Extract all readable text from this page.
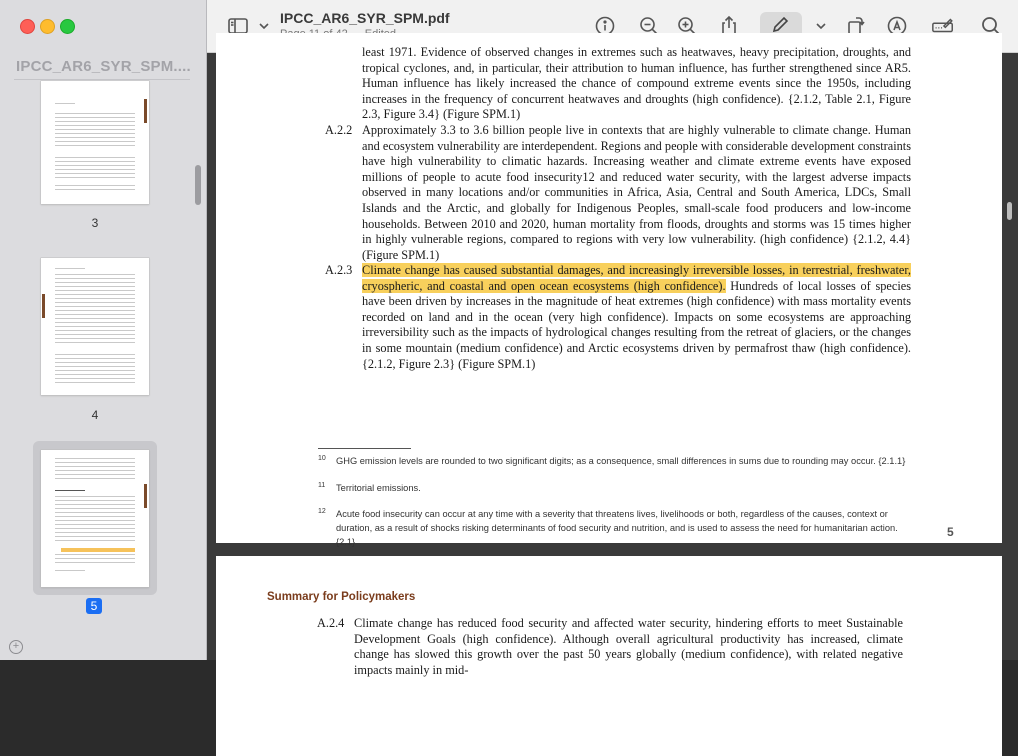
IPCC_AR6_SYR_SPM....
3
4
5
+
IPCC_AR6_SYR_SPM.pdf
least 1971. Evidence of observed changes in extremes such as heatwaves, heavy precipitation, droughts, and tropical cyclones, and, in particular, their attribution to human influence, has further strengthened since AR5. Human influence has likely increased the chance of compound extreme events since the 1950s, including increases in the frequency of concurrent heatwaves and droughts (high confidence). {2.1.2, Table 2.1, Figure 2.3, Figure 3.4} (Figure SPM.1)
A.2.2 Approximately 3.3 to 3.6 billion people live in contexts that are highly vulnerable to climate change. Human and ecosystem vulnerability are interdependent. Regions and people with considerable development constraints have high vulnerability to climatic hazards. Increasing weather and climate extreme events have exposed millions of people to acute food insecurity12 and reduced water security, with the largest adverse impacts observed in many locations and/or communities in Africa, Asia, Central and South America, LDCs, Small Islands and the Arctic, and globally for Indigenous Peoples, small-scale food producers and low-income households. Between 2010 and 2020, human mortality from floods, droughts and storms was 15 times higher in highly vulnerable regions, compared to regions with very low vulnerability. (high confidence) {2.1.2, 4.4} (Figure SPM.1)
A.2.3 Climate change has caused substantial damages, and increasingly irreversible losses, in terrestrial, freshwater, cryospheric, and coastal and open ocean ecosystems (high confidence). Hundreds of local losses of species have been driven by increases in the magnitude of heat extremes (high confidence) with mass mortality events recorded on land and in the ocean (very high confidence). Impacts on some ecosystems are approaching irreversibility such as the impacts of hydrological changes resulting from the retreat of glaciers, or the changes in some mountain (medium confidence) and Arctic ecosystems driven by permafrost thaw (high confidence). {2.1.2, Figure 2.3} (Figure SPM.1)
10 GHG emission levels are rounded to two significant digits; as a consequence, small differences in sums due to rounding may occur. {2.1.1}
11 Territorial emissions.
12 Acute food insecurity can occur at any time with a severity that threatens lives, livelihoods or both, regardless of the causes, context or duration, as a result of shocks risking determinants of food security and nutrition, and is used to assess the need for humanitarian action. {2.1}
5
Summary for Policymakers
A.2.4 Climate change has reduced food security and affected water security, hindering efforts to meet Sustainable Development Goals (high confidence). Although overall agricultural productivity has increased, climate change has slowed this growth over the past 50 years globally (medium confidence), with related negative impacts mainly in mid-
